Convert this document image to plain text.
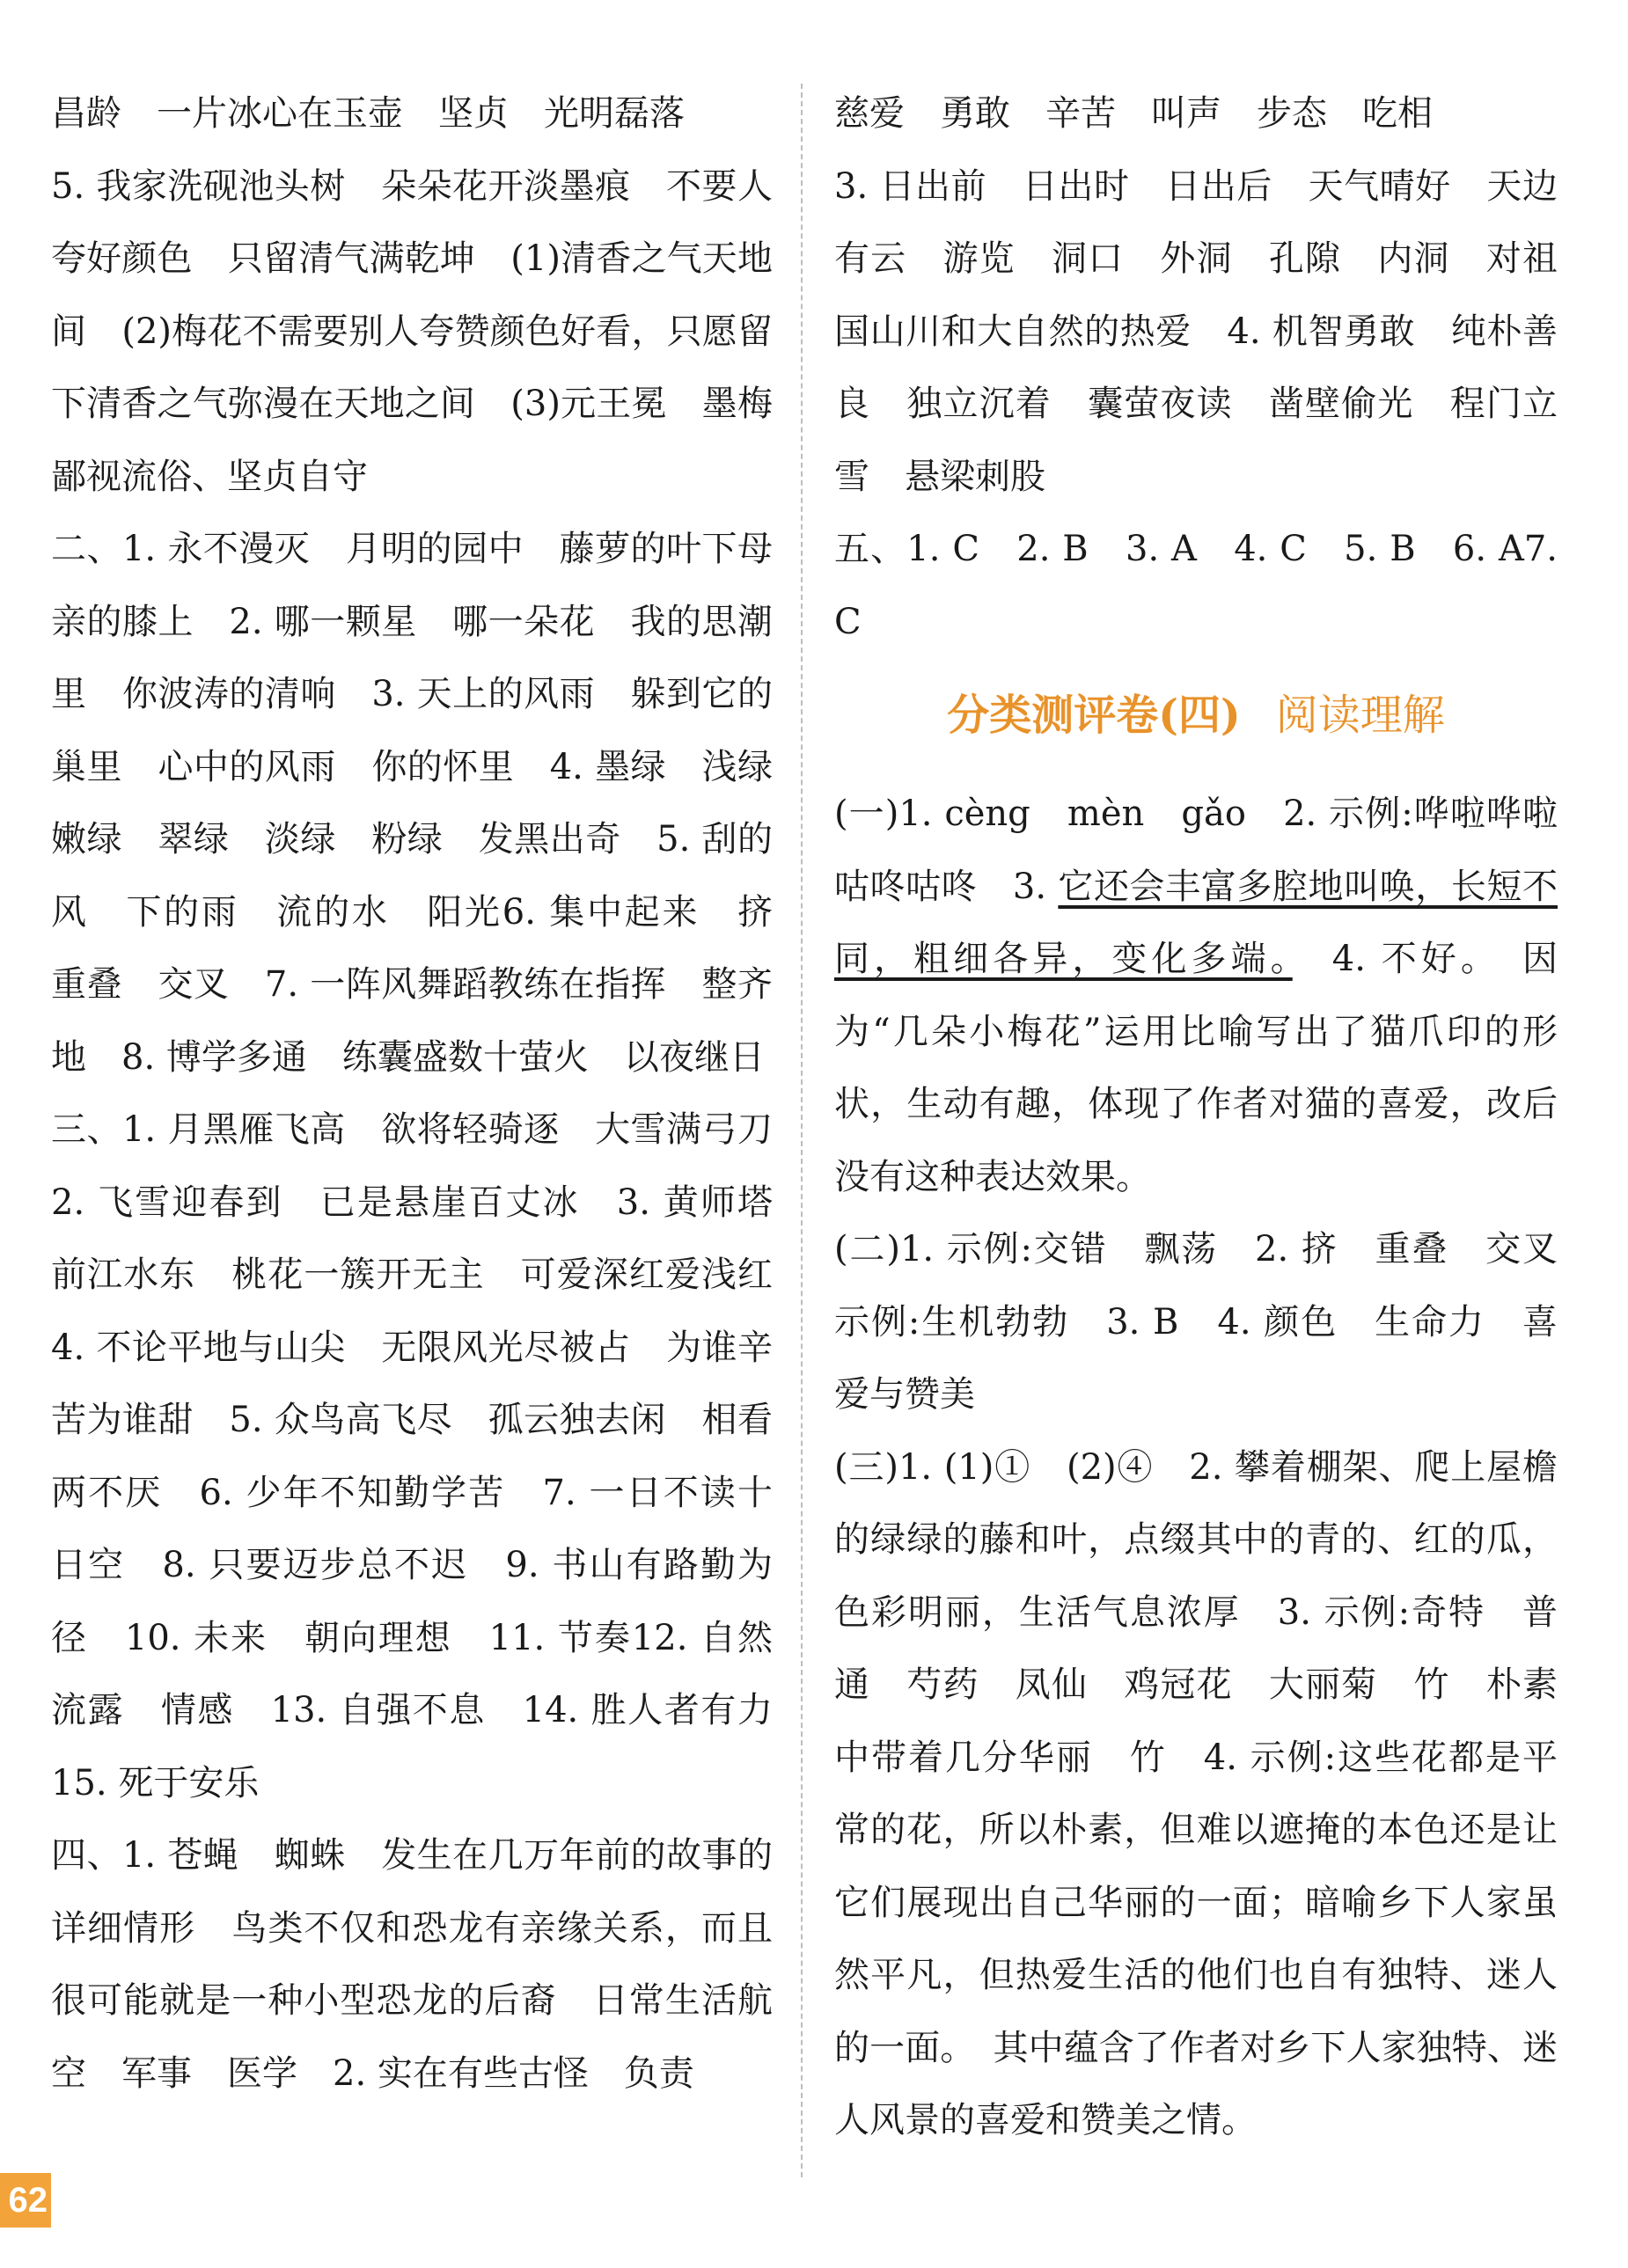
昌龄　一片冰心在玉壶　坚贞　光明磊落

5. 我家洗砚池头树　朵朵花开淡墨痕　不要人夸好颜色　只留清气满乾坤　(1)清香之气天地间　(2)梅花不需要别人夸赞颜色好看，只愿留下清香之气弥漫在天地之间　(3)元王冕　墨梅　鄙视流俗、坚贞自守

二、1. 永不漫灭　月明的园中　藤萝的叶下母亲的膝上　2. 哪一颗星　哪一朵花　我的思潮里　你波涛的清响　3. 天上的风雨　躲到它的巢里　心中的风雨　你的怀里　4. 墨绿　浅绿　嫩绿　翠绿　淡绿　粉绿　发黑出奇　5. 刮的风　下的雨　流的水　阳光6. 集中起来　挤　重叠　交叉　7. 一阵风舞蹈教练在指挥　整齐地　8. 博学多通　练囊盛数十萤火　以夜继日

三、1. 月黑雁飞高　欲将轻骑逐　大雪满弓刀2. 飞雪迎春到　已是悬崖百丈冰　3. 黄师塔前江水东　桃花一簇开无主　可爱深红爱浅红4. 不论平地与山尖　无限风光尽被占　为谁辛苦为谁甜　5. 众鸟高飞尽　孤云独去闲　相看两不厌　6. 少年不知勤学苦　7. 一日不读十日空　8. 只要迈步总不迟　9. 书山有路勤为径　10. 未来　朝向理想　11. 节奏12. 自然流露　情感　13. 自强不息　14. 胜人者有力　15. 死于安乐

四、1. 苍蝇　蜘蛛　发生在几万年前的故事的详细情形　鸟类不仅和恐龙有亲缘关系，而且很可能就是一种小型恐龙的后裔　日常生活航空　军事　医学　2. 实在有些古怪　负责

慈爱　勇敢　辛苦　叫声　步态　吃相

3. 日出前　日出时　日出后　天气晴好　天边有云　游览　洞口　外洞　孔隙　内洞　对祖国山川和大自然的热爱　4. 机智勇敢　纯朴善良　独立沉着　囊萤夜读　凿壁偷光　程门立雪　悬梁刺股

五、1. C　2. B　3. A　4. C　5. B　6. A7. C

分类测评卷(四) 阅读理解

(一)1. cèng　mèn　gǎo　2. 示例:哗啦哗啦　咕咚咕咚　3. 它还会丰富多腔地叫唤，长短不同，粗细各异，变化多端。　4. 不好。　因为“几朵小梅花”运用比喻写出了猫爪印的形状，生动有趣，体现了作者对猫的喜爱，改后没有这种表达效果。

(二)1. 示例:交错　飘荡　2. 挤　重叠　交叉　示例:生机勃勃　3. B　4. 颜色　生命力　喜爱与赞美

(三)1. (1)①　(2)④　2. 攀着棚架、爬上屋檐的绿绿的藤和叶，点缀其中的青的、红的瓜，色彩明丽，生活气息浓厚　3. 示例:奇特　普通　芍药　凤仙　鸡冠花　大丽菊　竹　朴素中带着几分华丽　竹　4. 示例:这些花都是平常的花，所以朴素，但难以遮掩的本色还是让它们展现出自己华丽的一面；暗喻乡下人家虽然平凡，但热爱生活的他们也自有独特、迷人的一面。　其中蕴含了作者对乡下人家独特、迷人风景的喜爱和赞美之情。

62
